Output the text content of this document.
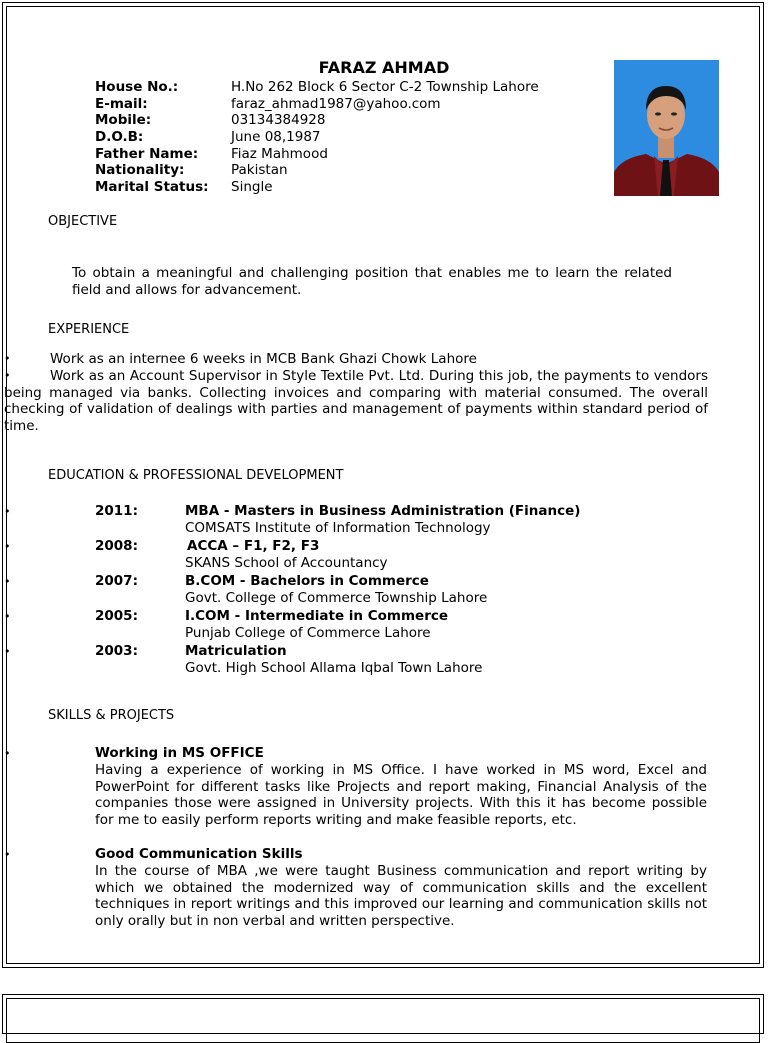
FARAZ AHMAD
House No.:	H.No 262 Block 6 Sector C-2 Township Lahore
E-mail:	faraz_ahmad1987@yahoo.com
Mobile:	03134384928
D.O.B:	June 08,1987
Father Name: Fiaz Mahmood
Nationality:	Pakistan
Marital Status: Single
OBJECTIVE
To obtain a meaningful and challenging position that enables me to learn the related field and allows for advancement.
EXPERIENCE
•	Work as an internee 6 weeks in MCB Bank Ghazi Chowk Lahore
•	Work as an Account Supervisor in Style Textile Pvt. Ltd. During this job, the payments to vendors being managed via banks. Collecting invoices and comparing with material consumed. The overall checking of validation of dealings with parties and management of payments within standard period of time.
EDUCATION & PROFESSIONAL DEVELOPMENT
•	2011:	MBA - Masters in Business Administration (Finance)
COMSATS Institute of Information Technology
•	2008:	ACCA – F1, F2, F3
SKANS School of Accountancy
•	2007:	B.COM - Bachelors in Commerce
Govt. College of Commerce Township Lahore
•	2005:	I.COM - Intermediate in Commerce
Punjab College of Commerce Lahore
•	2003:	Matriculation
Govt. High School Allama Iqbal Town Lahore
SKILLS & PROJECTS
•	Working in MS OFFICE
Having a experience of working in MS Office. I have worked in MS word, Excel and PowerPoint for different tasks like Projects and report making, Financial Analysis of the companies those were assigned in University projects. With this it has become possible for me to easily perform reports writing and make feasible reports, etc.
•	Good Communication Skills
In the course of MBA ,we were taught Business communication and report writing by which we obtained the modernized way of communication skills and the excellent techniques in report writings and this improved our learning and communication skills not only orally but in non verbal and written perspective.
